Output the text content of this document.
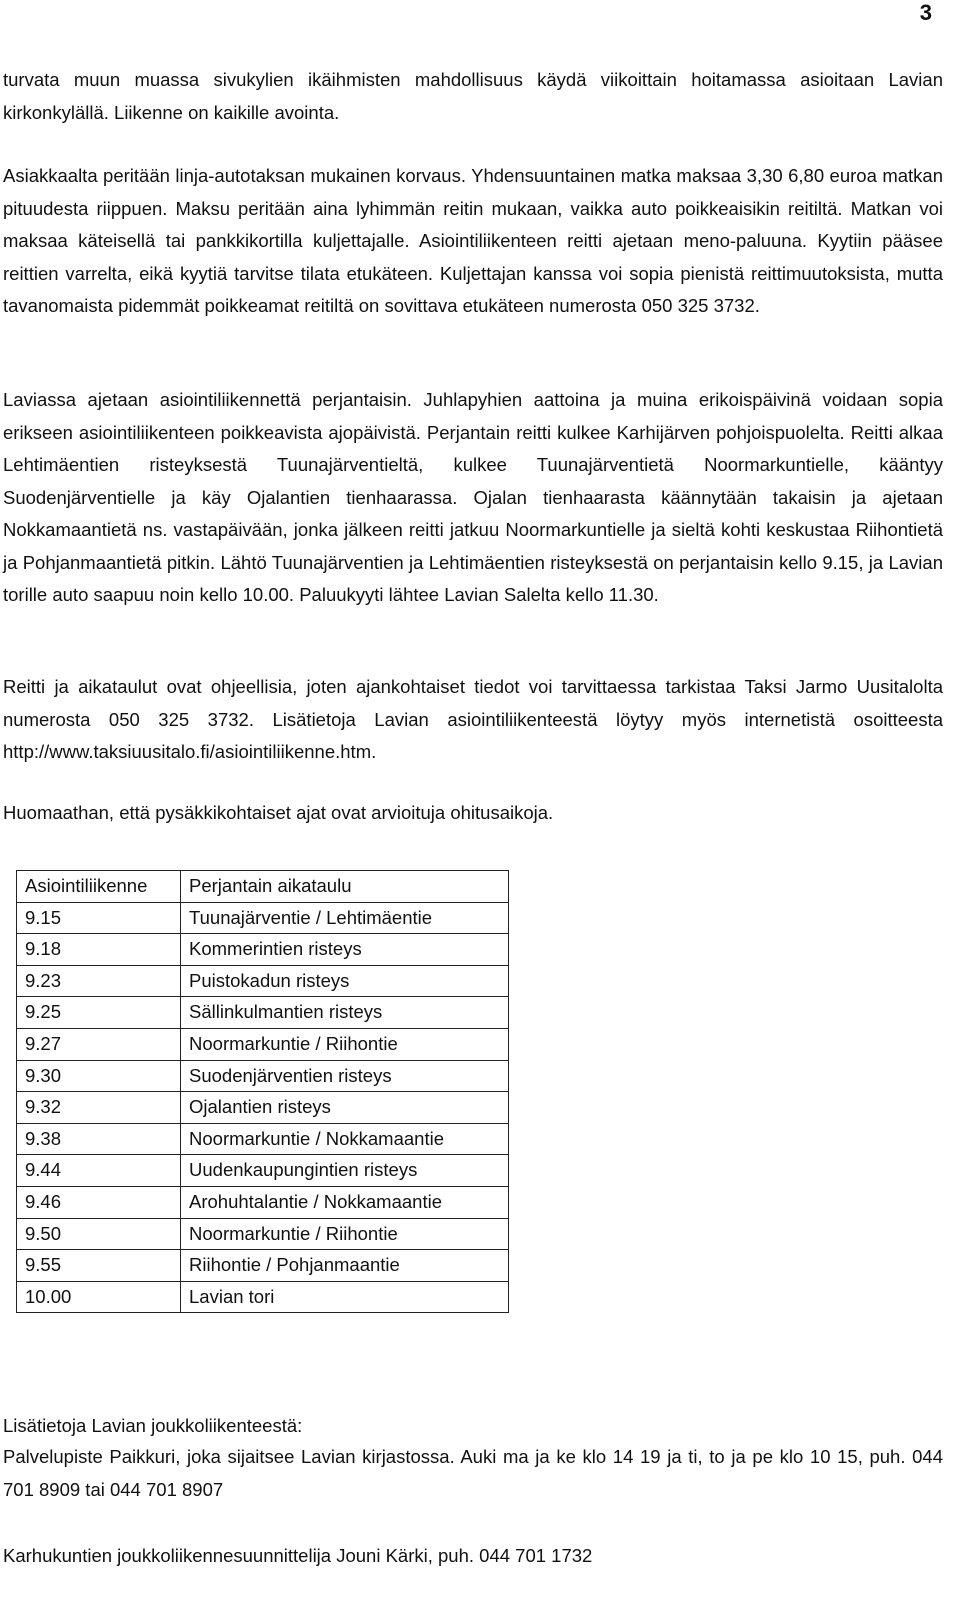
3

turvata muun muassa sivukylien ikäihmisten mahdollisuus käydä viikoittain hoitamassa asioitaan Lavian kirkonkylällä. Liikenne on kaikille avointa.

Asiakkaalta peritään linja-autotaksan mukainen korvaus. Yhdensuuntainen matka maksaa 3,30 6,80 euroa matkan pituudesta riippuen. Maksu peritään aina lyhimmän reitin mukaan, vaikka auto poikkeaisikin reitiltä. Matkan voi maksaa käteisellä tai pankkikortilla kuljettajalle. Asiointiliikenteen reitti ajetaan meno-paluuna. Kyytiin pääsee reittien varrelta, eikä kyytiä tarvitse tilata etukäteen. Kuljettajan kanssa voi sopia pienistä reittimuutoksista, mutta tavanomaista pidemmät poikkeamat reitiltä on sovittava etukäteen numerosta 050 325 3732.

Laviassa ajetaan asiointiliikennettä perjantaisin. Juhlapyhien aattoina ja muina erikoispäivinä voidaan sopia erikseen asiointiliikenteen poikkeavista ajopäivistä. Perjantain reitti kulkee Karhijärven pohjoispuolelta. Reitti alkaa Lehtimäentien risteyksestä Tuunajärventieltä, kulkee Tuunajärventietä Noormarkuntielle, kääntyy Suodenjärventielle ja käy Ojalantien tienhaarassa. Ojalan tienhaarasta käännytään takaisin ja ajetaan Nokkamaantietä ns. vastapäivään, jonka jälkeen reitti jatkuu Noormarkuntielle ja sieltä kohti keskustaa Riihontietä ja Pohjanmaantietä pitkin. Lähtö Tuunajärventien ja Lehtimäentien risteyksestä on perjantaisin kello 9.15, ja Lavian torille auto saapuu noin kello 10.00. Paluukyyti lähtee Lavian Salelta kello 11.30.

Reitti ja aikataulut ovat ohjeellisia, joten ajankohtaiset tiedot voi tarvittaessa tarkistaa Taksi Jarmo Uusitalolta numerosta 050 325 3732. Lisätietoja Lavian asiointiliikenteestä löytyy myös internetistä osoitteesta http://www.taksiuusitalo.fi/asiointiliikenne.htm.

Huomaathan, että pysäkkikohtaiset ajat ovat arvioituja ohitusaikoja.

Asiointiliikenne	Perjantain aikataulu
9.15	Tuunajärventie / Lehtimäentie
9.18	Kommerintien risteys
9.23	Puistokadun risteys
9.25	Sällinkulmantien risteys
9.27	Noormarkuntie / Riihontie
9.30	Suodenjärventien risteys
9.32	Ojalantien risteys
9.38	Noormarkuntie / Nokkamaantie
9.44	Uudenkaupungintien risteys
9.46	Arohuhtalantie / Nokkamaantie
9.50	Noormarkuntie / Riihontie
9.55	Riihontie / Pohjanmaantie
10.00	Lavian tori
Lisätietoja Lavian joukkoliikenteestä:

Palvelupiste Paikkuri, joka sijaitsee Lavian kirjastossa. Auki ma ja ke klo 14 19 ja ti, to ja pe klo 10 15, puh. 044 701 8909 tai 044 701 8907

Karhukuntien joukkoliikennesuunnittelija Jouni Kärki, puh. 044 701 1732
